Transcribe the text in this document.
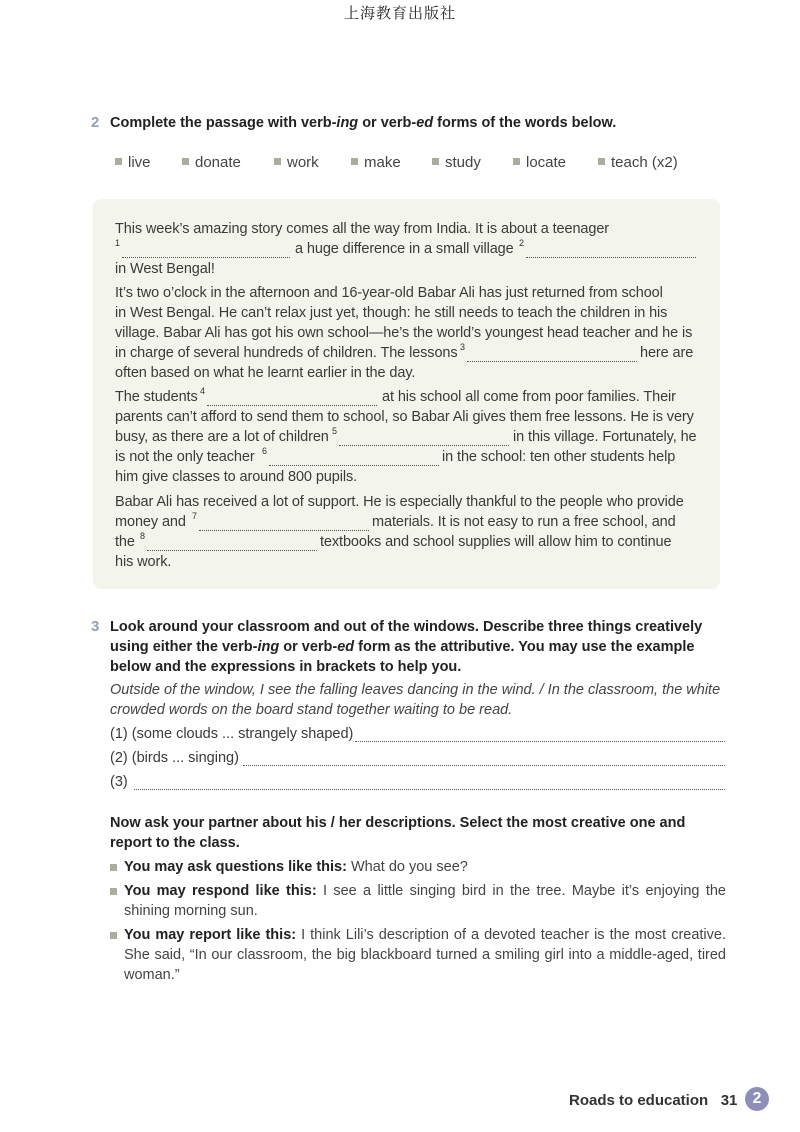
上海教育出版社
2 Complete the passage with verb-ing or verb-ed forms of the words below.
live	donate	work	make	study	locate	teach (x2)
This week’s amazing story comes all the way from India. It is about a teenager
1	a huge difference in a small village 2
in West Bengal!
It’s two o’clock in the afternoon and 16-year-old Babar Ali has just returned from school
in West Bengal. He can’t relax just yet, though: he still needs to teach the children in his
village. Babar Ali has got his own school—he’s the world’s youngest head teacher and he is
in charge of several hundreds of children. The lessons 3	here are
often based on what he learnt earlier in the day.
The students 4	at his school all come from poor families. Their
parents can’t afford to send them to school, so Babar Ali gives them free lessons. He is very
busy, as there are a lot of children 5	in this village. Fortunately, he
is not the only teacher 6	in the school: ten other students help
him give classes to around 800 pupils.
Babar Ali has received a lot of support. He is especially thankful to the people who provide
money and 7	materials. It is not easy to run a free school, and
the 8	textbooks and school supplies will allow him to continue
his work.
3 Look around your classroom and out of the windows. Describe three things creatively
using either the verb-ing or verb-ed form as the attributive. You may use the example
below and the expressions in brackets to help you.
Outside of the window, I see the falling leaves dancing in the wind. / In the classroom, the white
crowded words on the board stand together waiting to be read.
(1) (some clouds ... strangely shaped)
(2) (birds ... singing)
(3)
Now ask your partner about his / her descriptions. Select the most creative one and
report to the class.
You may ask questions like this: What do you see?
You may respond like this: I see a little singing bird in the tree. Maybe it’s enjoying the shining morning sun.
You may report like this: I think Lili’s description of a devoted teacher is the most creative. She said, “In our classroom, the big blackboard turned a smiling girl into a middle-aged, tired woman.”
Roads to education 31 2
